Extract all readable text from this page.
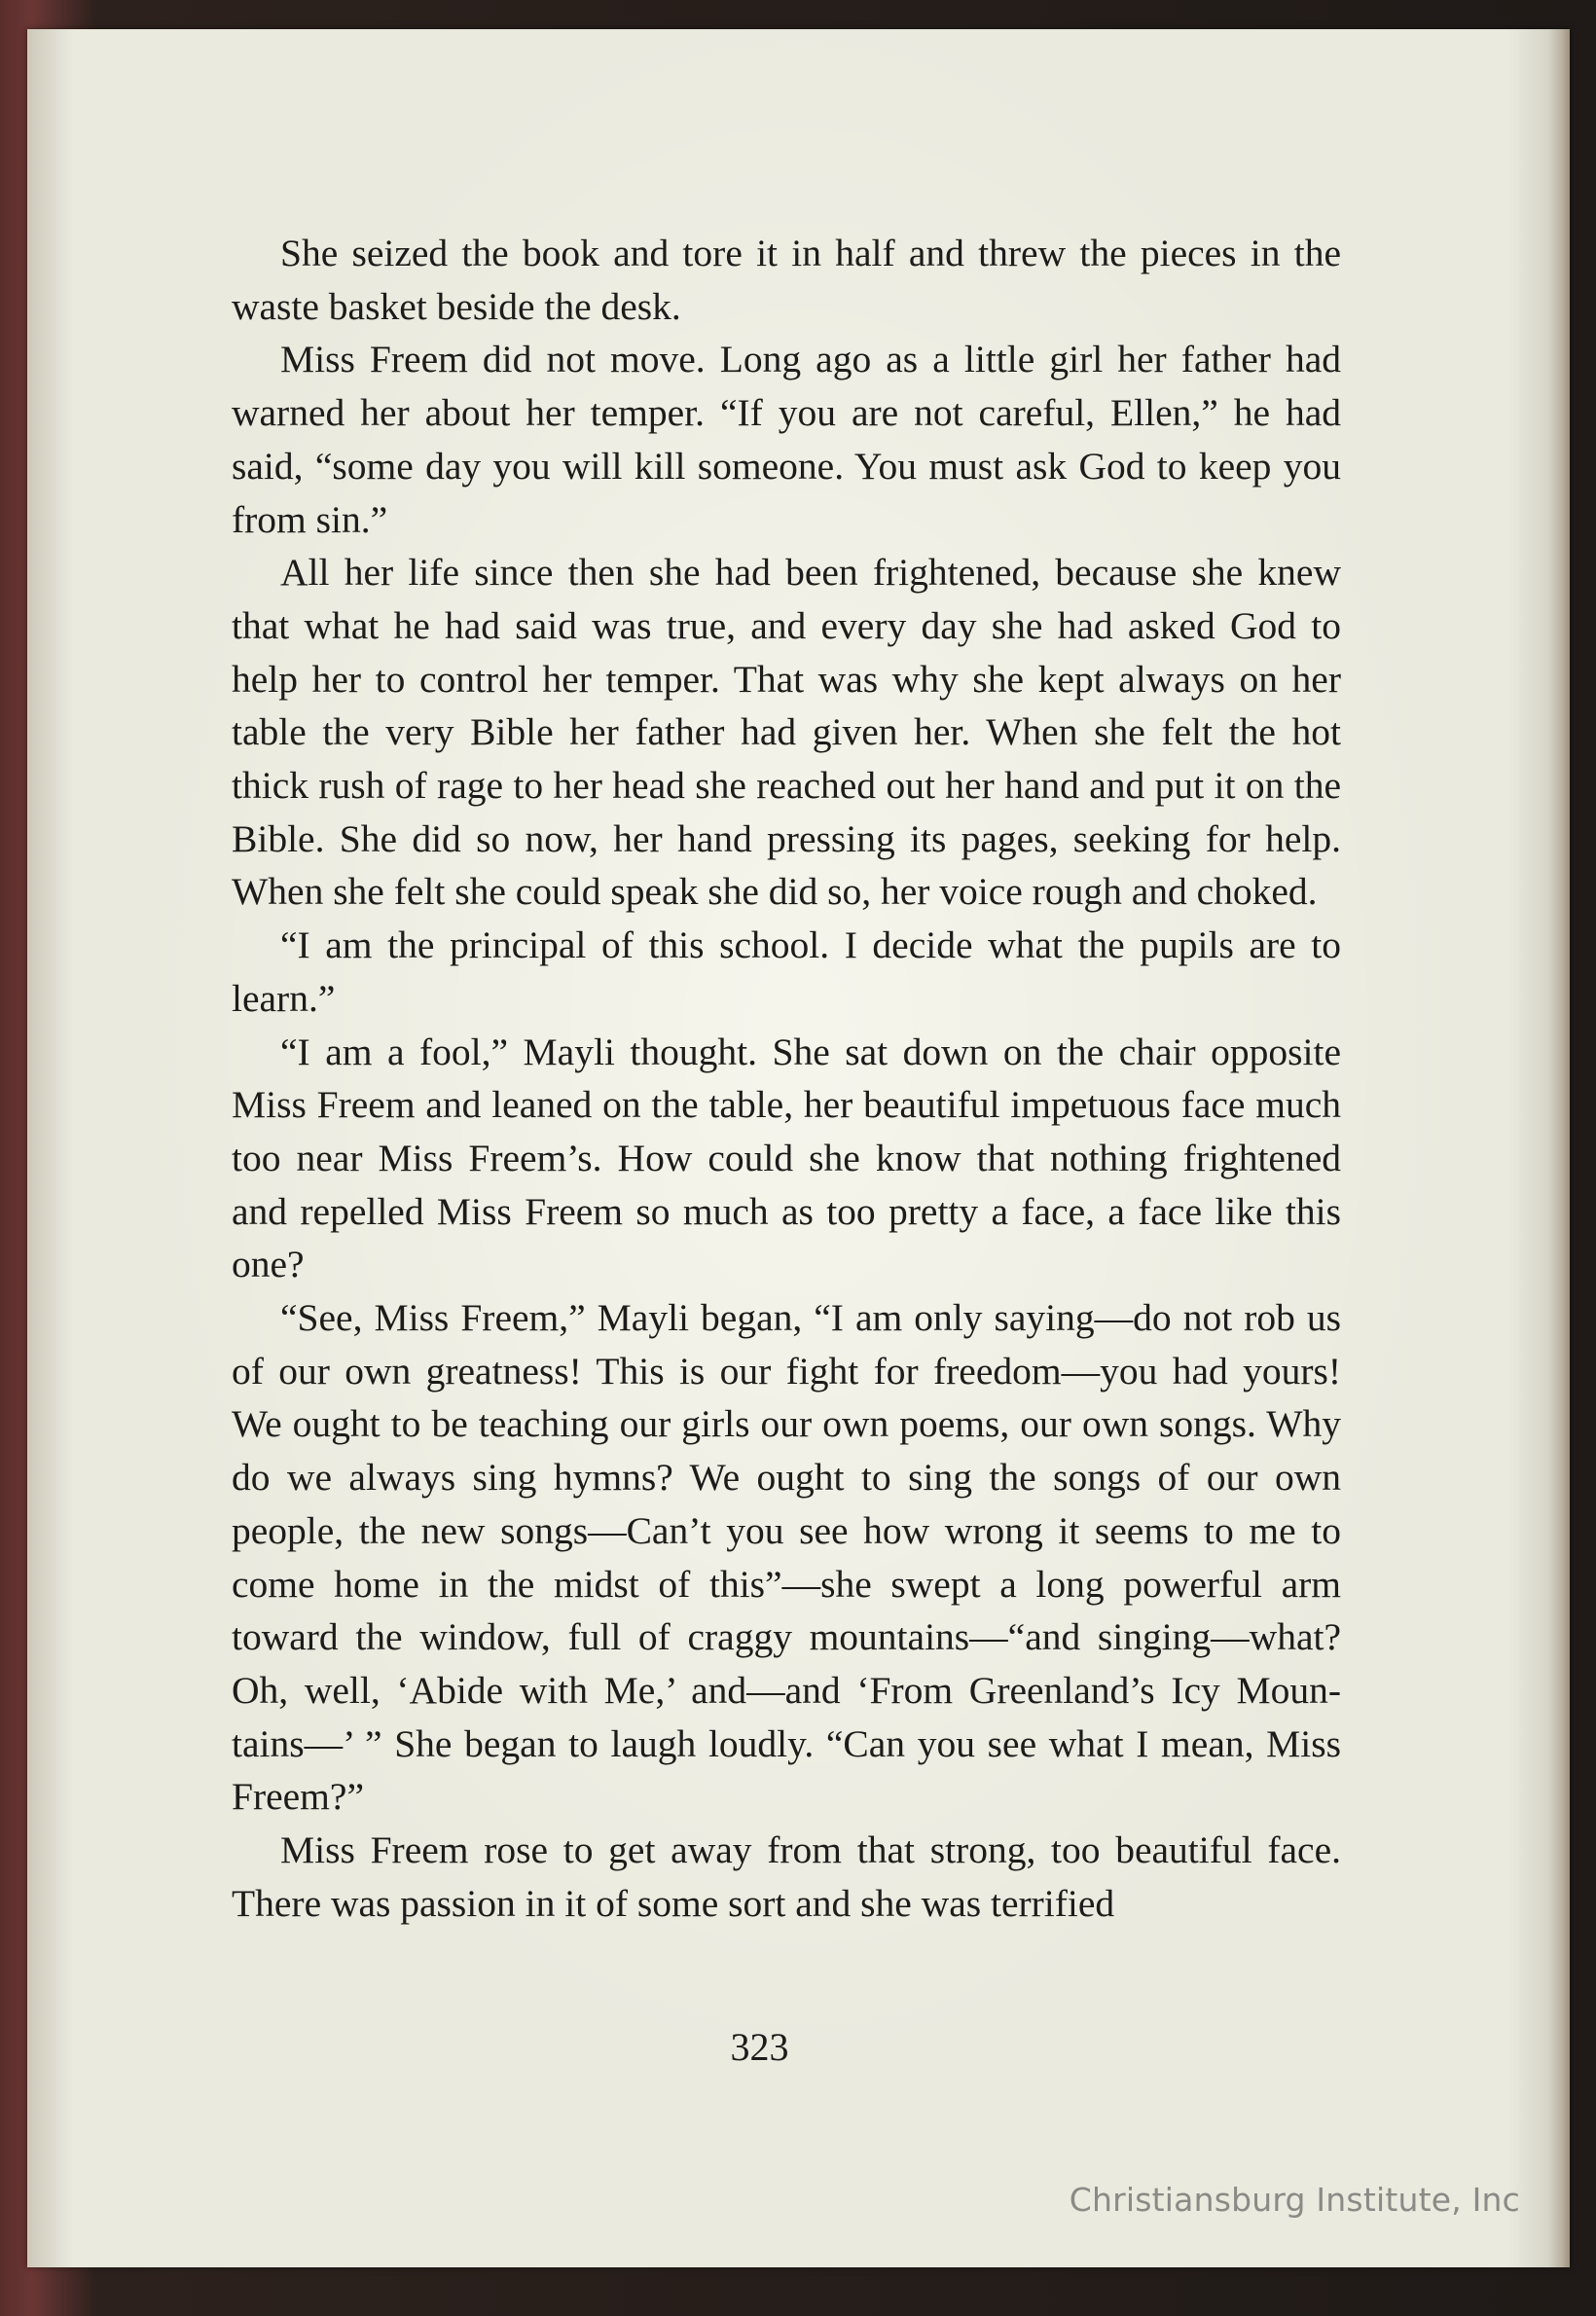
She seized the book and tore it in half and threw the pieces in the waste basket beside the desk.

Miss Freem did not move. Long ago as a little girl her father had warned her about her temper. “If you are not careful, Ellen,” he had said, “some day you will kill someone. You must ask God to keep you from sin.”

All her life since then she had been frightened, because she knew that what he had said was true, and every day she had asked God to help her to control her temper. That was why she kept always on her table the very Bible her father had given her. When she felt the hot thick rush of rage to her head she reached out her hand and put it on the Bible. She did so now, her hand pressing its pages, seeking for help. When she felt she could speak she did so, her voice rough and choked.

“I am the principal of this school. I decide what the pupils are to learn.”

“I am a fool,” Mayli thought. She sat down on the chair opposite Miss Freem and leaned on the table, her beautiful impetuous face much too near Miss Freem’s. How could she know that nothing frightened and repelled Miss Freem so much as too pretty a face, a face like this one?

“See, Miss Freem,” Mayli began, “I am only saying—do not rob us of our own greatness! This is our fight for freedom—you had yours! We ought to be teaching our girls our own poems, our own songs. Why do we always sing hymns? We ought to sing the songs of our own people, the new songs—Can’t you see how wrong it seems to me to come home in the midst of this”—she swept a long powerful arm toward the window, full of craggy mountains—“and singing—what? Oh, well, ‘Abide with Me,’ and—and ‘From Greenland’s Icy Mountains—’ ” She began to laugh loudly. “Can you see what I mean, Miss Freem?”

Miss Freem rose to get away from that strong, too beautiful face. There was passion in it of some sort and she was terrified

323
Christiansburg Institute, Inc
